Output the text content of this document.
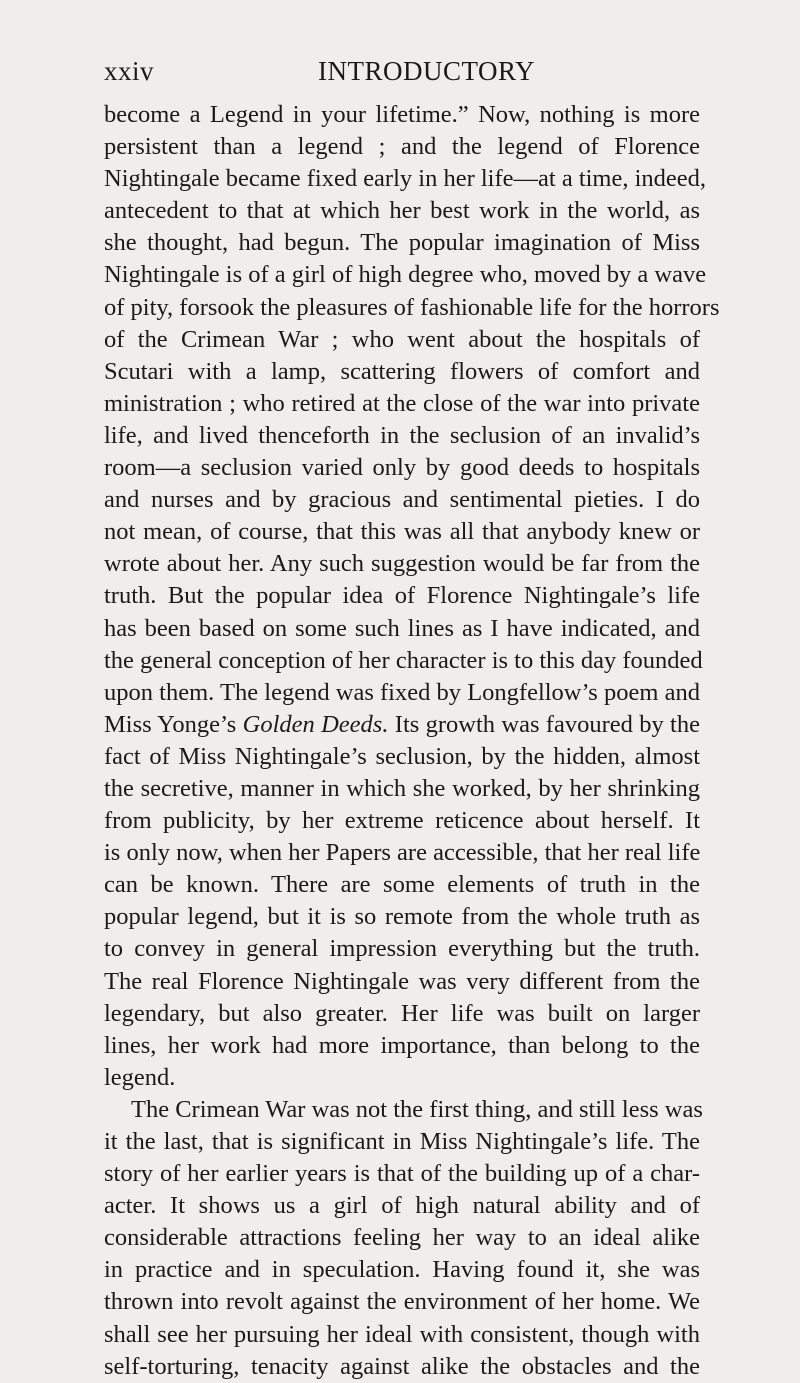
xxiv	INTRODUCTORY
become a Legend in your lifetime.” Now, nothing is more
persistent than a legend ; and the legend of Florence
Nightingale became fixed early in her life—at a time, indeed,
antecedent to that at which her best work in the world, as
she thought, had begun. The popular imagination of Miss
Nightingale is of a girl of high degree who, moved by a wave
of pity, forsook the pleasures of fashionable life for the horrors
of the Crimean War ; who went about the hospitals of
Scutari with a lamp, scattering flowers of comfort and
ministration ; who retired at the close of the war into private
life, and lived thenceforth in the seclusion of an invalid’s
room—a seclusion varied only by good deeds to hospitals
and nurses and by gracious and sentimental pieties. I do
not mean, of course, that this was all that anybody knew or
wrote about her. Any such suggestion would be far from the
truth. But the popular idea of Florence Nightingale’s life
has been based on some such lines as I have indicated, and
the general conception of her character is to this day founded
upon them. The legend was fixed by Longfellow’s poem and
Miss Yonge’s Golden Deeds. Its growth was favoured by the
fact of Miss Nightingale’s seclusion, by the hidden, almost
the secretive, manner in which she worked, by her shrinking
from publicity, by her extreme reticence about herself. It
is only now, when her Papers are accessible, that her real life
can be known. There are some elements of truth in the
popular legend, but it is so remote from the whole truth as
to convey in general impression everything but the truth.
The real Florence Nightingale was very different from the
legendary, but also greater. Her life was built on larger
lines, her work had more importance, than belong to the
legend.
The Crimean War was not the first thing, and still less was
it the last, that is significant in Miss Nightingale’s life. The
story of her earlier years is that of the building up of a char-
acter. It shows us a girl of high natural ability and of
considerable attractions feeling her way to an ideal alike
in practice and in speculation. Having found it, she was
thrown into revolt against the environment of her home. We
shall see her pursuing her ideal with consistent, though with
self-torturing, tenacity against alike the obstacles and the
